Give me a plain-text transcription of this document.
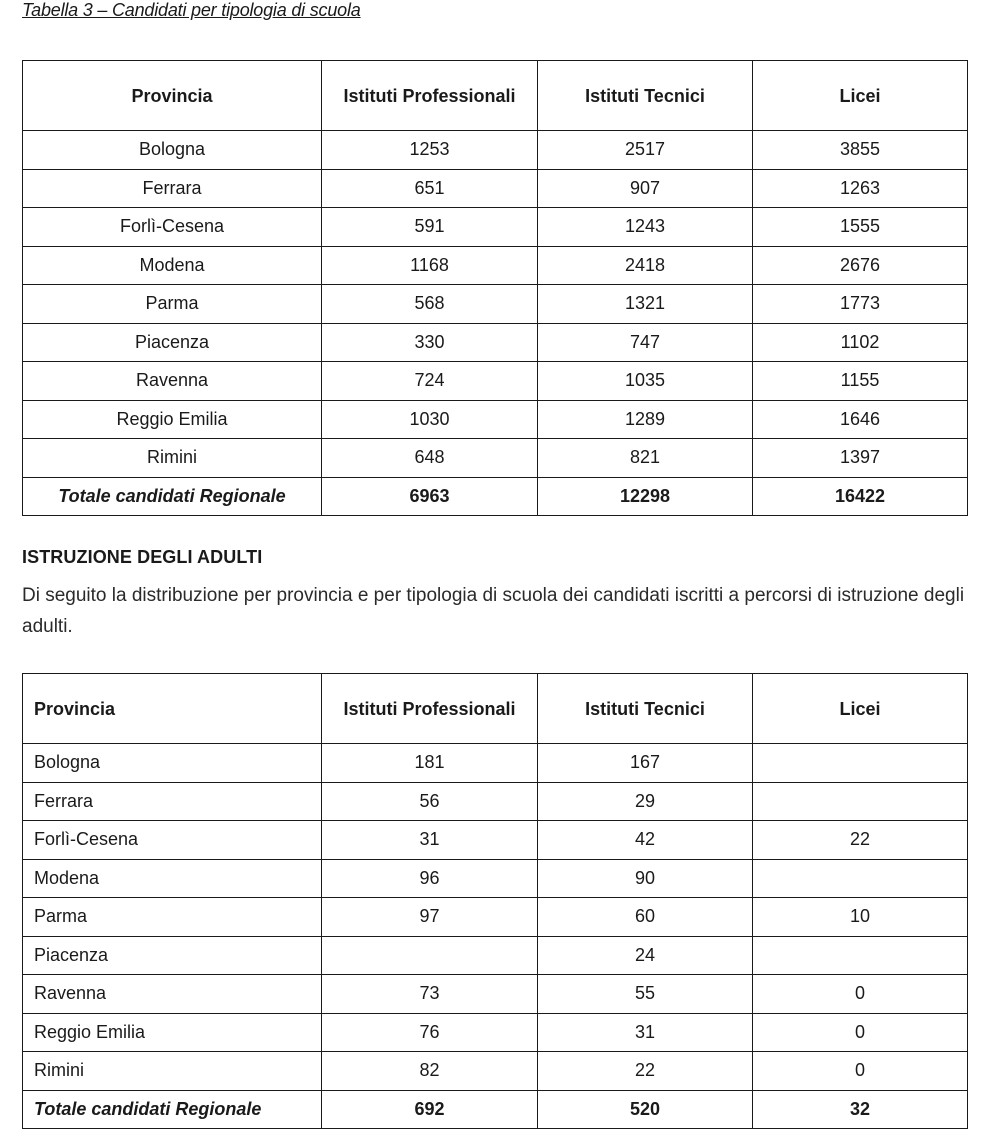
Tabella 3 – Candidati per tipologia di scuola
Provincia	Istituti Professionali	Istituti Tecnici	Licei
Bologna	1253	2517	3855
Ferrara	651	907	1263
Forlì-Cesena	591	1243	1555
Modena	1168	2418	2676
Parma	568	1321	1773
Piacenza	330	747	1102
Ravenna	724	1035	1155
Reggio Emilia	1030	1289	1646
Rimini	648	821	1397
Totale candidati Regionale	6963	12298	16422
ISTRUZIONE DEGLI ADULTI
Di seguito la distribuzione per provincia e per tipologia di scuola dei candidati iscritti a percorsi di istruzione degli adulti.
Provincia	Istituti Professionali	Istituti Tecnici	Licei
Bologna	181	167	
Ferrara	56	29	
Forlì-Cesena	31	42	22
Modena	96	90	
Parma	97	60	10
Piacenza		24	
Ravenna	73	55	0
Reggio Emilia	76	31	0
Rimini	82	22	0
Totale candidati Regionale	692	520	32
